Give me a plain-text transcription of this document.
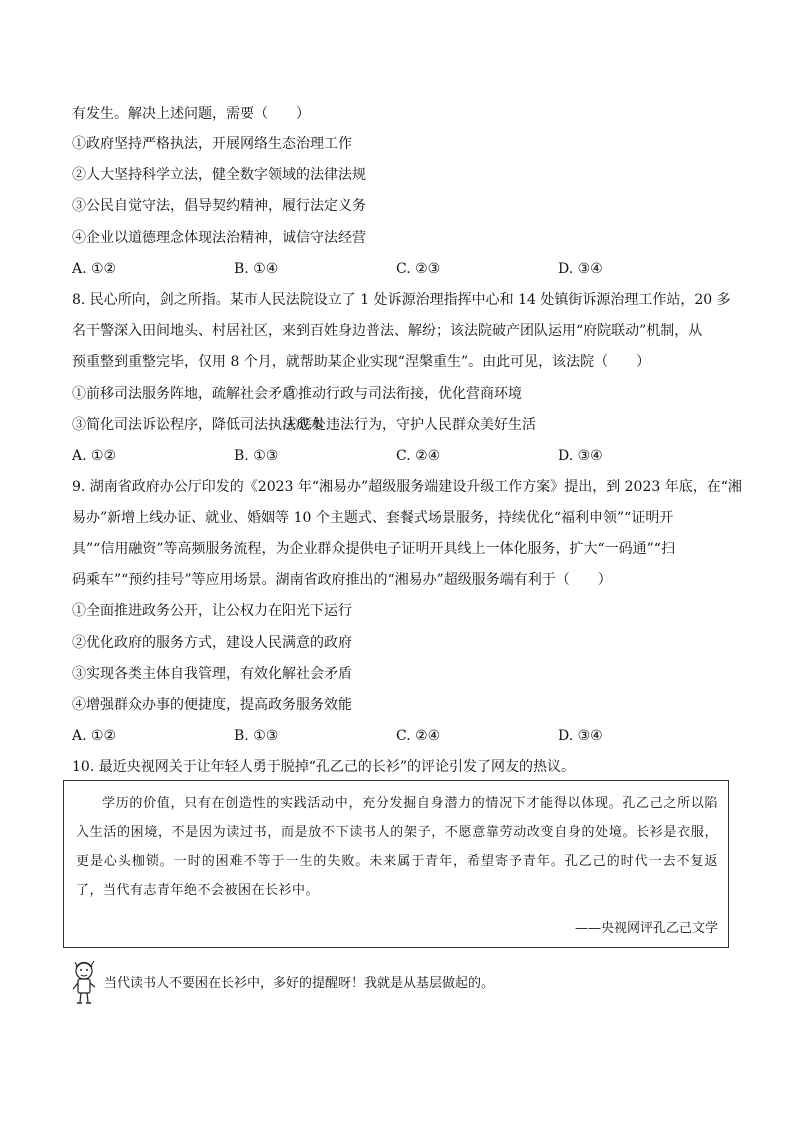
有发生。解决上述问题，需要（　　）
①政府坚持严格执法，开展网络生态治理工作
②人大坚持科学立法，健全数字领域的法律法规
③公民自觉守法，倡导契约精神，履行法定义务
④企业以道德理念体现法治精神，诚信守法经营
A. ①②	B. ①④	C. ②③	D. ③④
8. 民心所向，剑之所指。某市人民法院设立了 1 处诉源治理指挥中心和 14 处镇街诉源治理工作站，20 多
名干警深入田间地头、村居社区，来到百姓身边普法、解纷；该法院破产团队运用“府院联动”机制，从
预重整到重整完毕，仅用 8 个月，就帮助某企业实现“涅槃重生”。由此可见，该法院（　　）
①前移司法服务阵地，疏解社会矛盾
②推动行政与司法衔接，优化营商环境
③简化司法诉讼程序，降低司法执法成本
④惩处违法行为，守护人民群众美好生活
A. ①②	B. ①③	C. ②④	D. ③④
9. 湖南省政府办公厅印发的《2023 年“湘易办”超级服务端建设升级工作方案》提出，到 2023 年底，在“湘
易办”新增上线办证、就业、婚姻等 10 个主题式、套餐式场景服务，持续优化“福利申领”“证明开
具”“信用融资”等高频服务流程，为企业群众提供电子证明开具线上一体化服务，扩大“一码通”“扫
码乘车”“预约挂号”等应用场景。湖南省政府推出的“湘易办”超级服务端有利于（　　）
①全面推进政务公开，让公权力在阳光下运行
②优化政府的服务方式，建设人民满意的政府
③实现各类主体自我管理，有效化解社会矛盾
④增强群众办事的便捷度，提高政务服务效能
A. ①②	B. ①③	C. ②④	D. ③④
10. 最近央视网关于让年轻人勇于脱掉“孔乙己的长衫”的评论引发了网友的热议。
学历的价值，只有在创造性的实践活动中，充分发掘自身潜力的情况下才能得以体现。孔乙己之所以陷入生活的困境，不是因为读过书，而是放不下读书人的架子，不愿意靠劳动改变自身的处境。长衫是衣服，更是心头枷锁。一时的困难不等于一生的失败。未来属于青年，希望寄予青年。孔乙己的时代一去不复返了，当代有志青年绝不会被困在长衫中。
——央视网评孔乙己文学
当代读书人不要困在长衫中，多好的提醒呀！我就是从基层做起的。
